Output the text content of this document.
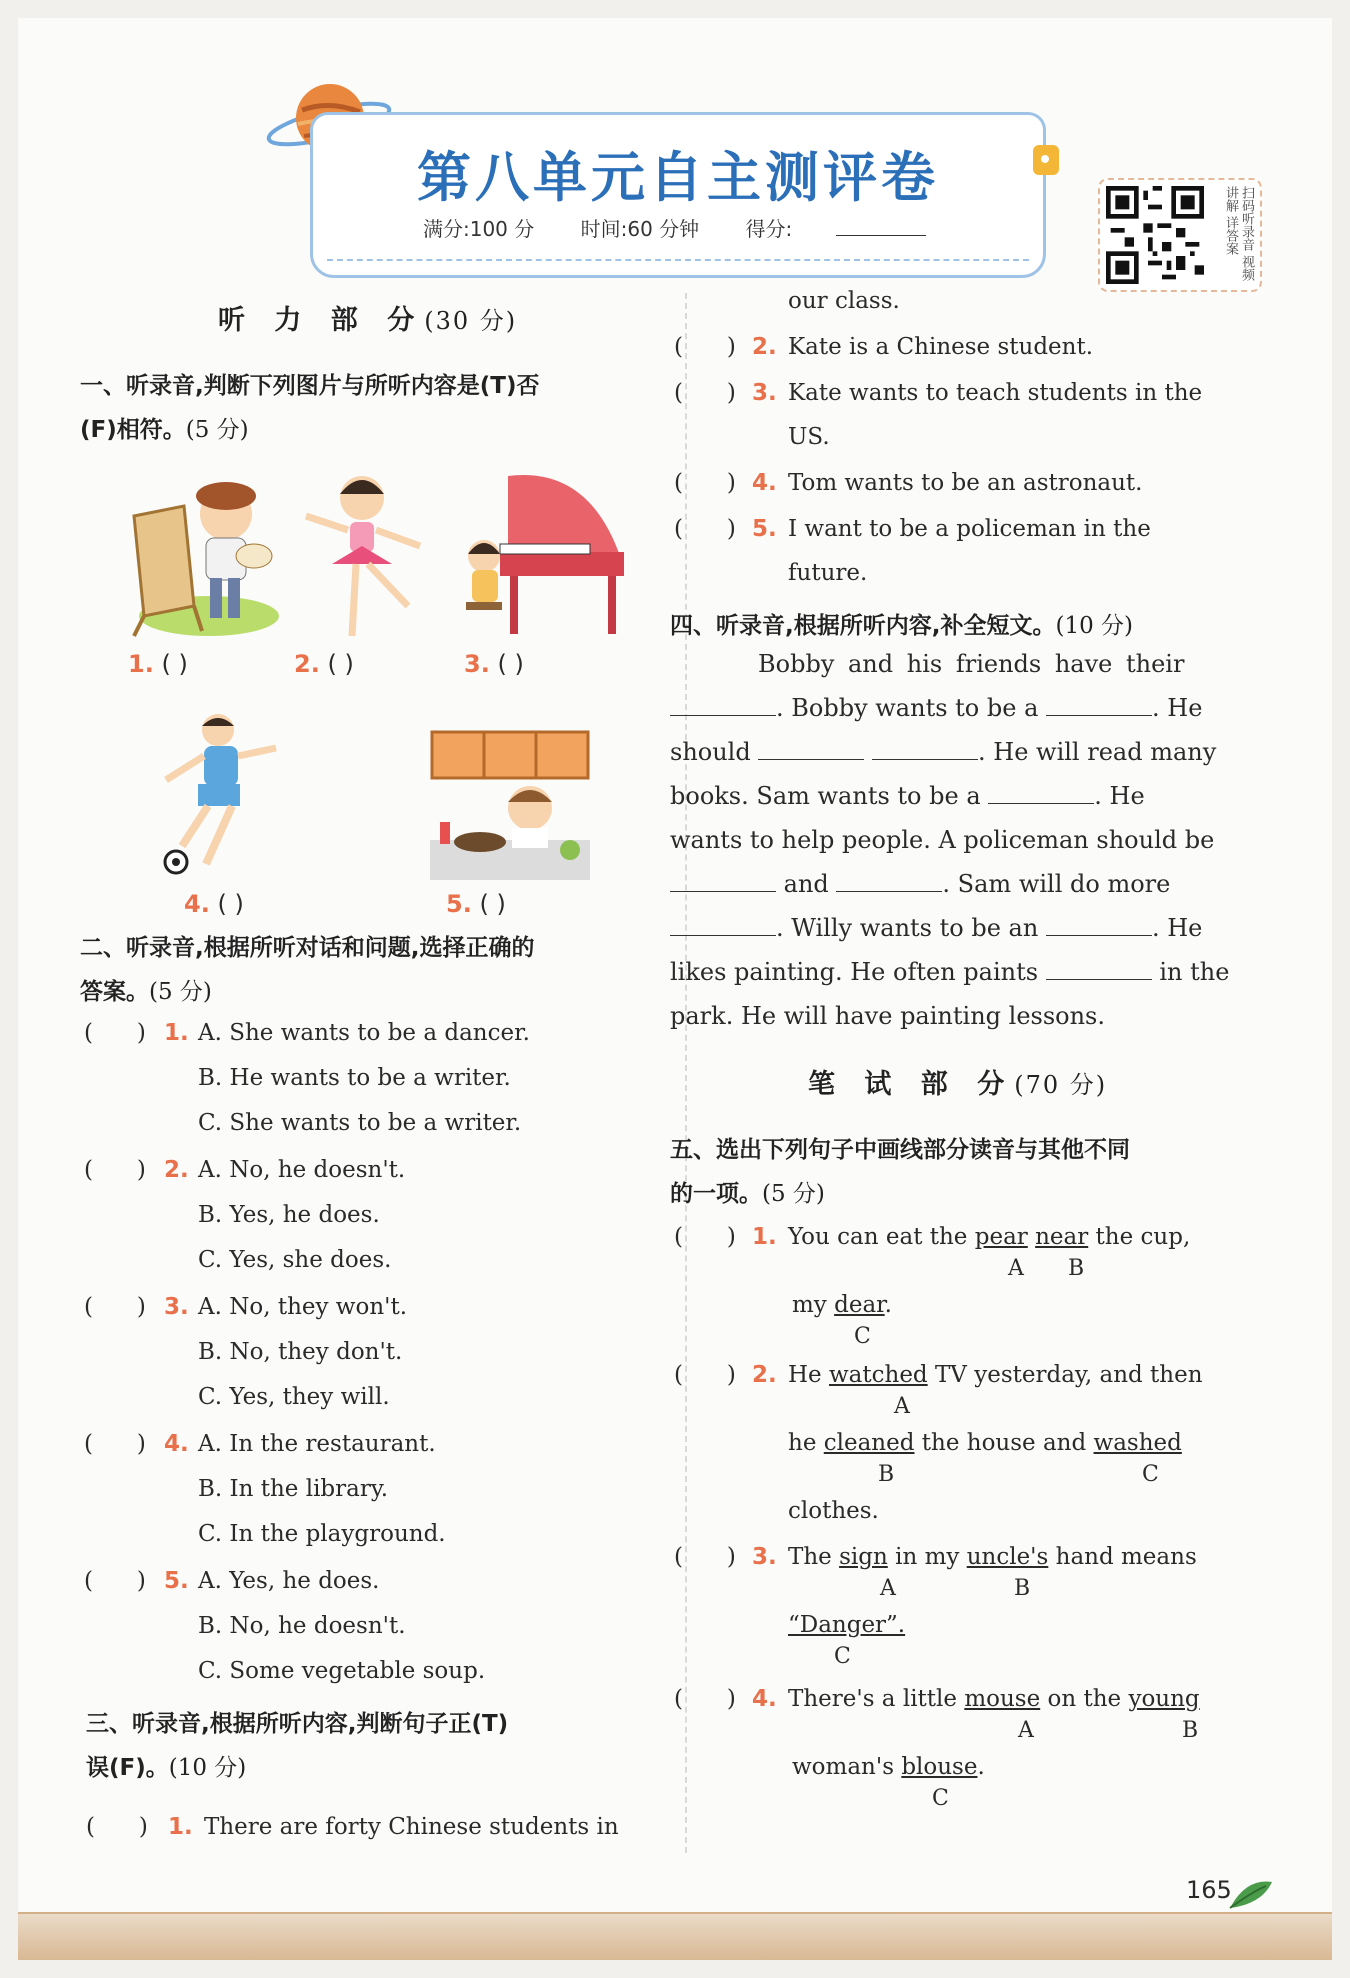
第八单元自主测评卷
满分:100 分 时间:60 分钟 得分:	扫码听录音 视频讲解 详答案
听 力 部 分(30 分)
一、听录音,判断下列图片与所听内容是(T)否
(F)相符。(5 分)
1. ( )	2. ( )	3. ( )
4. ( )	5. ( )
二、听录音,根据所听对话和问题,选择正确的
答案。(5 分)
(      ) 1. A. She wants to be a dancer.
B. He wants to be a writer.
C. She wants to be a writer.
(      ) 2. A. No, he doesn't.
B. Yes, he does.
C. Yes, she does.
(      ) 3. A. No, they won't.
B. No, they don't.
C. Yes, they will.
(      ) 4. A. In the restaurant.
B. In the library.
C. In the playground.
(      ) 5. A. Yes, he does.
B. No, he doesn't.
C. Some vegetable soup.
三、听录音,根据所听内容,判断句子正(T)
误(F)。(10 分)
(      ) 1. There are forty Chinese students in
our class.
(      ) 2. Kate is a Chinese student.
(      ) 3. Kate wants to teach students in the
US.
(      ) 4. Tom wants to be an astronaut.
(      ) 5. I want to be a policeman in the
future.
四、听录音,根据所听内容,补全短文。(10 分)
Bobby and his friends have their
. Bobby wants to be a	. He
should	. He will read many
books. Sam wants to be a	. He
wants to help people. A policeman should be
and	. Sam will do more
. Willy wants to be an	. He
likes painting. He often paints	in the
park. He will have painting lessons.
笔 试 部 分(70 分)
五、选出下列句子中画线部分读音与其他不同
的一项。(5 分)
(      ) 1. You can eat the pear near the cup,
A B
my dear.
C
(      ) 2. He watched TV yesterday, and then
A
he cleaned the house and washed
B	C
clothes.
(      ) 3. The sign in my uncle's hand means
A	B
“Danger”.
C
(      ) 4. There's a little mouse on the young
A	B
woman's blouse.
C
165
